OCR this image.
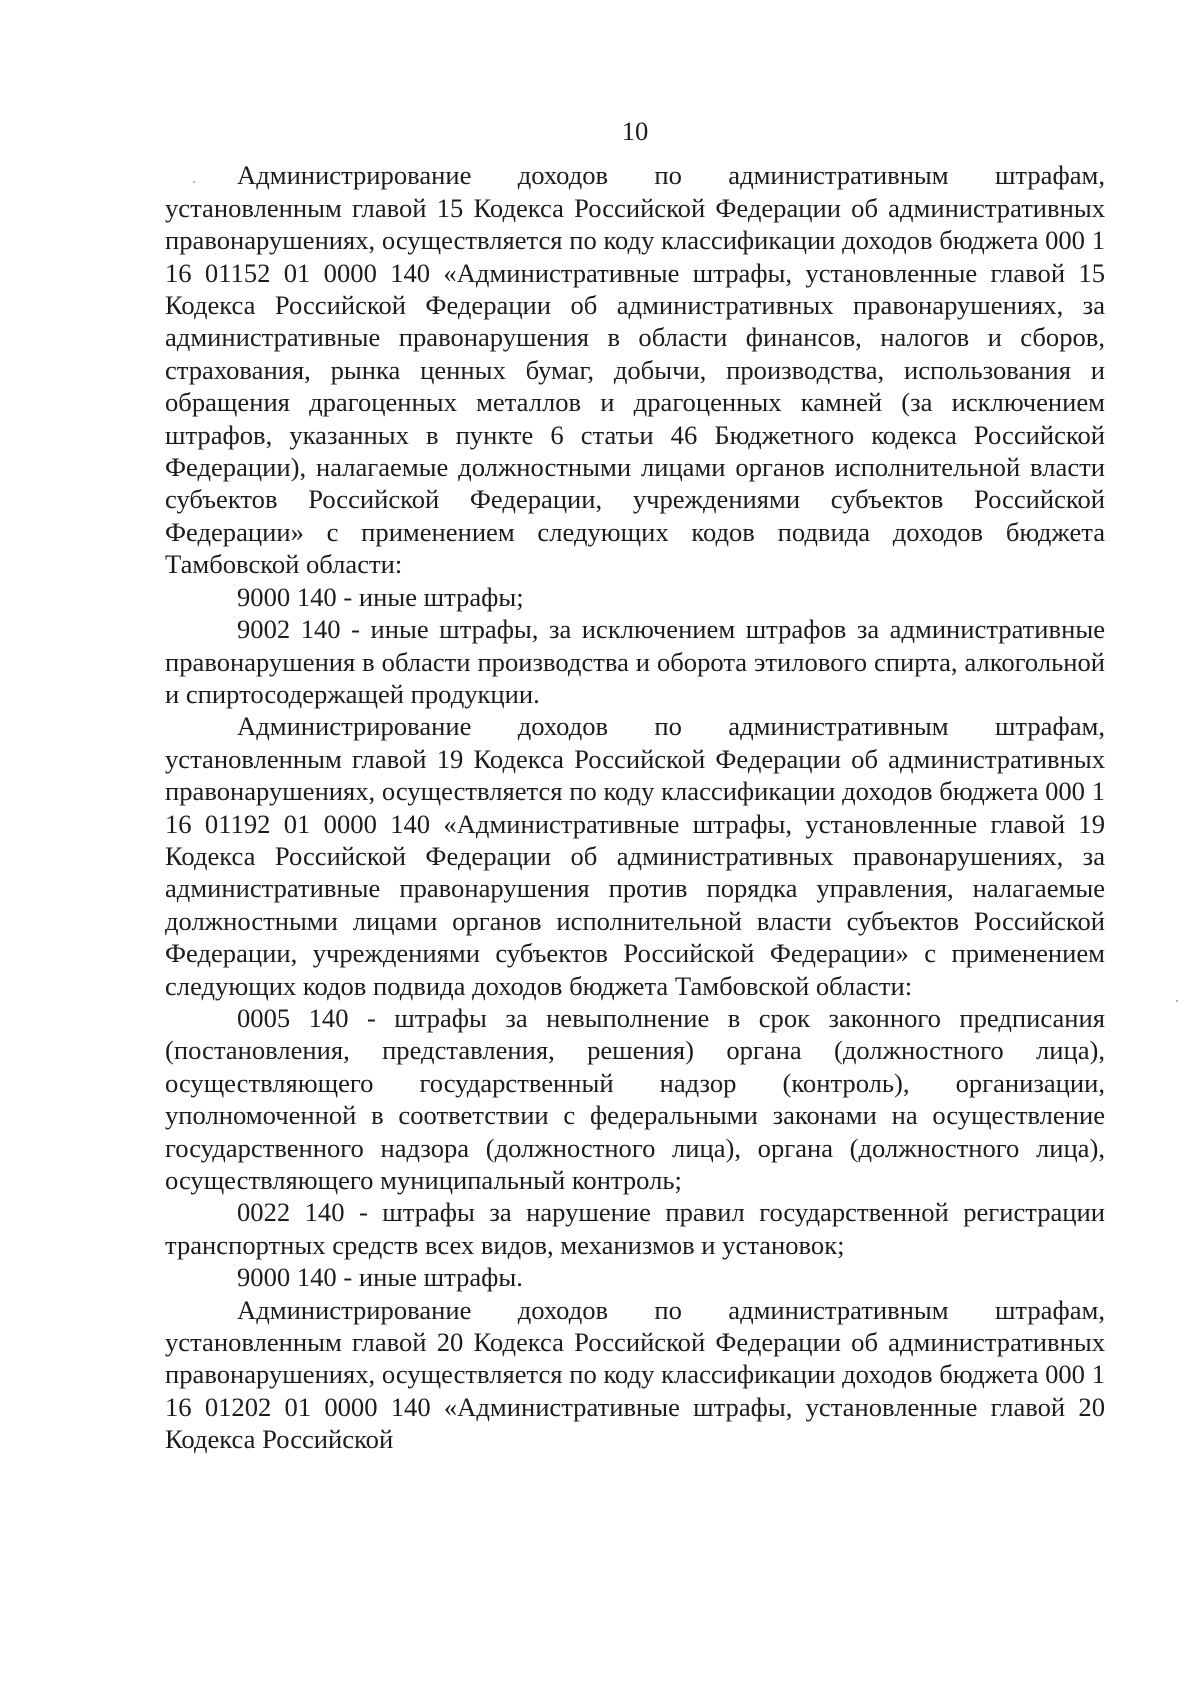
10

Администрирование доходов по административным штрафам, установленным главой 15 Кодекса Российской Федерации об административных правонарушениях, осуществляется по коду классификации доходов бюджета 000 1 16 01152 01 0000 140 «Административные штрафы, установленные главой 15 Кодекса Российской Федерации об административных правонарушениях, за административные правонарушения в области финансов, налогов и сборов, страхования, рынка ценных бумаг, добычи, производства, использования и обращения драгоценных металлов и драгоценных камней (за исключением штрафов, указанных в пункте 6 статьи 46 Бюджетного кодекса Российской Федерации), налагаемые должностными лицами органов исполнительной власти субъектов Российской Федерации, учреждениями субъектов Российской Федерации» с применением следующих кодов подвида доходов бюджета Тамбовской области:

9000 140 - иные штрафы;

9002 140 - иные штрафы, за исключением штрафов за административные правонарушения в области производства и оборота этилового спирта, алкогольной и спиртосодержащей продукции.

Администрирование доходов по административным штрафам, установленным главой 19 Кодекса Российской Федерации об административных правонарушениях, осуществляется по коду классификации доходов бюджета 000 1 16 01192 01 0000 140 «Административные штрафы, установленные главой 19 Кодекса Российской Федерации об административных правонарушениях, за административные правонарушения против порядка управления, налагаемые должностными лицами органов исполнительной власти субъектов Российской Федерации, учреждениями субъектов Российской Федерации» с применением следующих кодов подвида доходов бюджета Тамбовской области:

0005 140 - штрафы за невыполнение в срок законного предписания (постановления, представления, решения) органа (должностного лица), осуществляющего государственный надзор (контроль), организации, уполномоченной в соответствии с федеральными законами на осуществление государственного надзора (должностного лица), органа (должностного лица), осуществляющего муниципальный контроль;

0022 140 - штрафы за нарушение правил государственной регистрации транспортных средств всех видов, механизмов и установок;

9000 140 - иные штрафы.

Администрирование доходов по административным штрафам, установленным главой 20 Кодекса Российской Федерации об административных правонарушениях, осуществляется по коду классификации доходов бюджета 000 1 16 01202 01 0000 140 «Административные штрафы, установленные главой 20 Кодекса Российской
